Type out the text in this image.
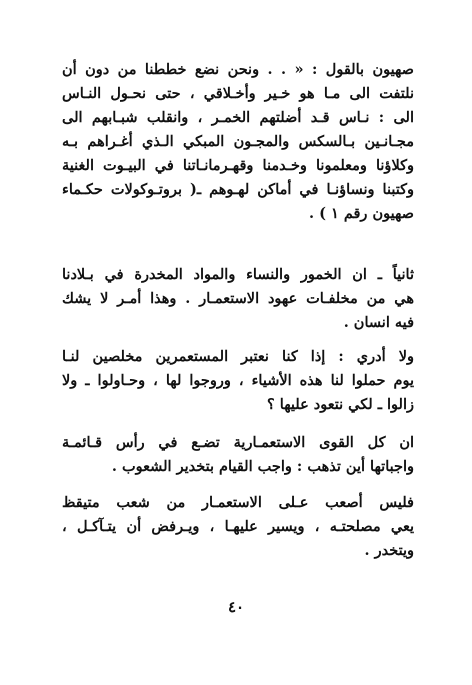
صهيون بالقول : « . . ونحن نضع خططنا من دون أن
نلتفت الى مـا هو خـير وأخـلاقي ، حتى نحـول النـاس
الى : نـاس قـد أضلتهم الخمـر ، وانقلب شبـابهم الى
مجـانـين بـالسكس والمجـون المبكي الـذي أغـراهم بـه
وكلاؤنا ومعلمونا وخـدمنا وقهـرمانـاتنا في البيـوت الغنية
وكتبنا ونساؤنـا في أماكن لهـوهم ـ( بروتـوكولات حكـماء
صهيون رقم ١ ) .
ثانياً ـ ان الخمور والنساء والمواد المخدرة في بـلادنا
هي من مخلفـات عهود الاستعمـار . وهذا أمـر لا يشك
فيه انسان .
ولا أدري : إذا كنا نعتبر المستعمرين مخلصين لنـا
يوم حملوا لنا هذه الأشياء ، وروجوا لها ، وحـاولوا ـ ولا
زالوا ـ لكي نتعود عليها ؟
ان كل القوى الاستعمـارية تضـع في رأس قـائمـة
واجباتها أين تذهب : واجب القيام بتخدير الشعوب .
فليس أصعب عـلى الاستعمـار من شعب متيقظ
يعي مصلحتـه ، ويسير عليهـا ، ويـرفض أن يتـآكـل ،
ويتخدر .
٤٠
